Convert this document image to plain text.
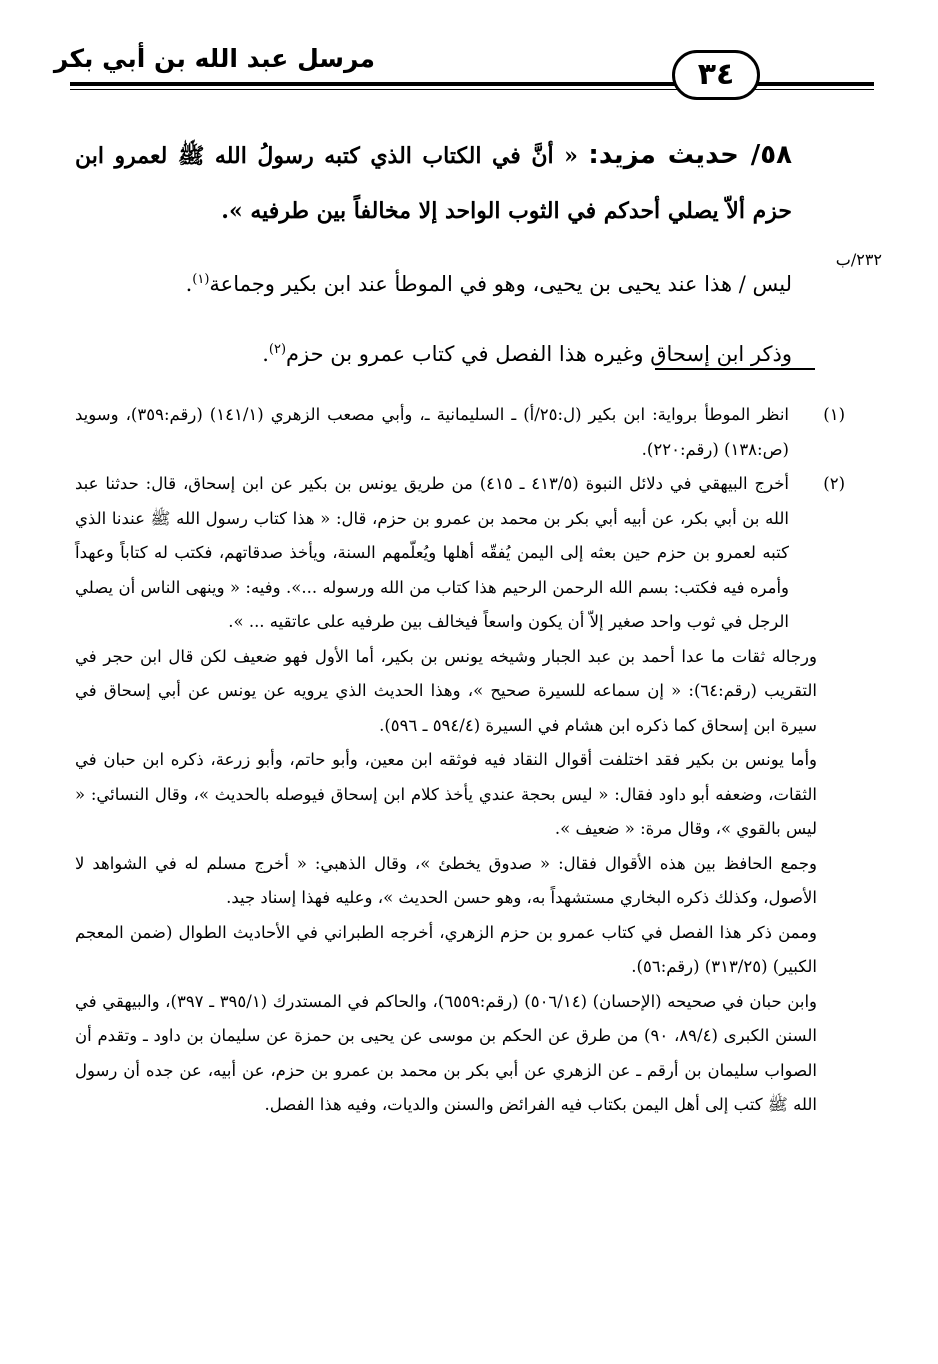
مرسل عبد الله بن أبي بكر	٣٤
٢٣٢/ب

٥٨/ حديث مزيد: « أنَّ في الكتاب الذي كتبه رسولُ الله ﷺ لعمرو ابن حزم ألاّ يصلي أحدكم في الثوب الواحد إلا مخالفاً بين طرفيه ».

ليس / هذا عند يحيى بن يحيى، وهو في الموطأ عند ابن بكير وجماعة$^{(١)}$.

وذكر ابن إسحاق وغيره هذا الفصل في كتاب عمرو بن حزم$^{(٢)}$.

(١)انظر الموطأ برواية: ابن بكير (ل:٢٥/أ) ـ السليمانية ـ، وأبي مصعب الزهري (١٤١/١) (رقم:٣٥٩)، وسويد (ص:١٣٨) (رقم:٢٢٠).

(٢)أخرج البيهقي في دلائل النبوة (٤١٣/٥ ـ ٤١٥) من طريق يونس بن بكير عن ابن إسحاق، قال: حدثنا عبد الله بن أبي بكر، عن أبيه أبي بكر بن محمد بن عمرو بن حزم، قال: « هذا كتاب رسول الله ﷺ عندنا الذي كتبه لعمرو بن حزم حين بعثه إلى اليمن يُفقّه أهلها ويُعلّمهم السنة، ويأخذ صدقاتهم، فكتب له كتاباً وعهداً وأمره فيه فكتب: بسم الله الرحمن الرحيم هذا كتاب من الله ورسوله ...». وفيه: « وينهى الناس أن يصلي الرجل في ثوب واحد صغير إلاّ أن يكون واسعاً فيخالف بين طرفيه على عاتقيه ... ».

ورجاله ثقات ما عدا أحمد بن عبد الجبار وشيخه يونس بن بكير، أما الأول فهو ضعيف لكن قال ابن حجر في التقريب (رقم:٦٤): « إن سماعه للسيرة صحيح »، وهذا الحديث الذي يرويه عن يونس عن أبي إسحاق في سيرة ابن إسحاق كما ذكره ابن هشام في السيرة (٥٩٤/٤ ـ ٥٩٦).

وأما يونس بن بكير فقد اختلفت أقوال النقاد فيه فوثقه ابن معين، وأبو حاتم، وأبو زرعة، ذكره ابن حبان في الثقات، وضعفه أبو داود فقال: « ليس بحجة عندي يأخذ كلام ابن إسحاق فيوصله بالحديث »، وقال النسائي: « ليس بالقوي »، وقال مرة: « ضعيف ».

وجمع الحافظ بين هذه الأقوال فقال: « صدوق يخطئ »، وقال الذهبي: « أخرج مسلم له في الشواهد لا الأصول، وكذلك ذكره البخاري مستشهداً به، وهو حسن الحديث »، وعليه فهذا إسناد جيد.

وممن ذكر هذا الفصل في كتاب عمرو بن حزم الزهري، أخرجه الطبراني في الأحاديث الطوال (ضمن المعجم الكبير) (٣١٣/٢٥) (رقم:٥٦).

وابن حبان في صحيحه (الإحسان) (٥٠٦/١٤) (رقم:٦٥٥٩)، والحاكم في المستدرك (٣٩٥/١ ـ ٣٩٧)، والبيهقي في السنن الكبرى (٨٩/٤، ٩٠) من طرق عن الحكم بن موسى عن يحيى بن حمزة عن سليمان بن داود ـ وتقدم أن الصواب سليمان بن أرقم ـ عن الزهري عن أبي بكر بن محمد بن عمرو بن حزم، عن أبيه، عن جده أن رسول الله ﷺ كتب إلى أهل اليمن بكتاب فيه الفرائض والسنن والديات، وفيه هذا الفصل.
